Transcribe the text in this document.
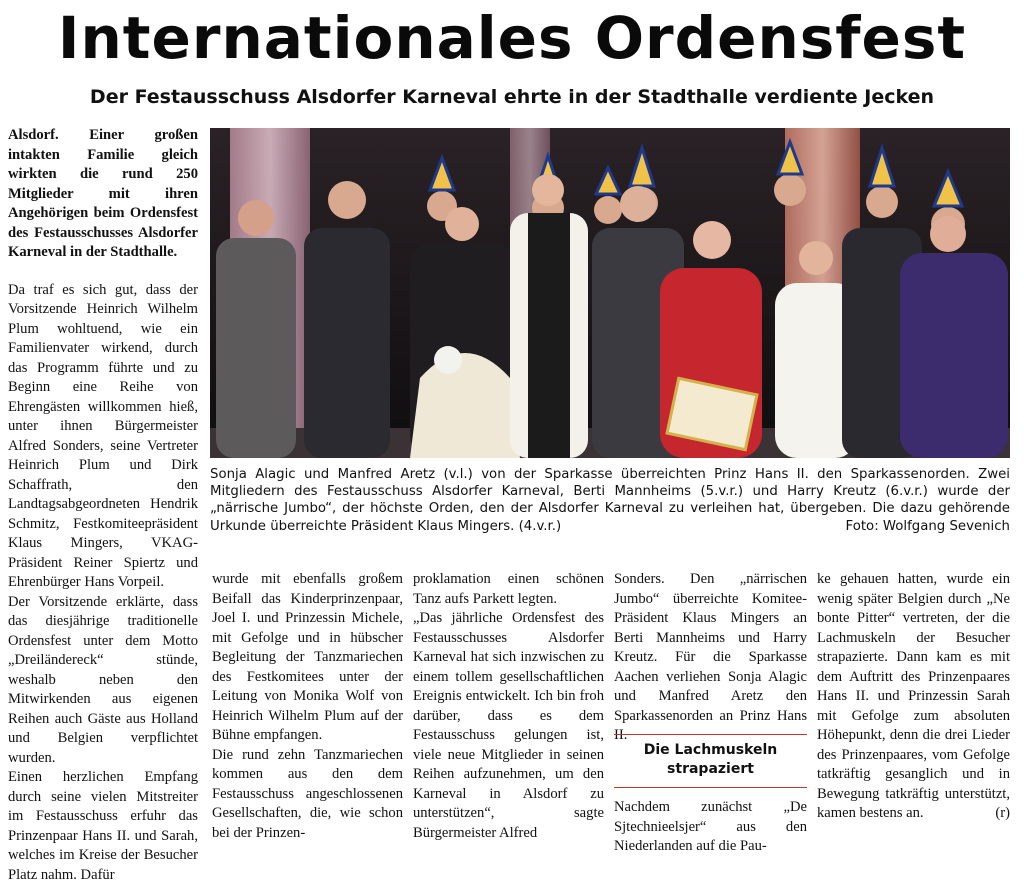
Internationales Ordensfest
Der Festausschuss Alsdorfer Karneval ehrte in der Stadthalle verdiente Jecken

Alsdorf. Einer großen intakten Familie gleich wirkten die rund 250 Mitglieder mit ihren Angehörigen beim Ordensfest des Festausschusses Alsdorfer Karneval in der Stadthalle.

Da traf es sich gut, dass der Vorsitzende Heinrich Wilhelm Plum wohltuend, wie ein Familienvater wirkend, durch das Programm führte und zu Beginn eine Reihe von Ehrengästen willkommen hieß, unter ihnen Bürgermeister Alfred Sonders, seine Vertreter Heinrich Plum und Dirk Schaffrath, den Landtagsabgeordneten Hendrik Schmitz, Festkomiteepräsident Klaus Mingers, VKAG-Präsident Reiner Spiertz und Ehrenbürger Hans Vorpeil.

Der Vorsitzende erklärte, dass das diesjährige traditionelle Ordensfest unter dem Motto „Dreiländereck“ stünde, weshalb neben den Mitwirkenden aus eigenen Reihen auch Gäste aus Holland und Belgien verpflichtet wurden.

Einen herzlichen Empfang durch seine vielen Mitstreiter im Festausschuss erfuhr das Prinzenpaar Hans II. und Sarah, welches im Kreise der Besucher Platz nahm. Dafür

Sonja Alagic und Manfred Aretz (v.l.) von der Sparkasse überreichten Prinz Hans II. den Sparkassenorden. Zwei Mitgliedern des Festausschuss Alsdorfer Karneval, Berti Mannheims (5.v.r.) und Harry Kreutz (6.v.r.) wurde der „närrische Jumbo“, der höchste Orden, den der Alsdorfer Karneval zu verleihen hat, übergeben. Die dazu gehörende Urkunde überreichte Präsident Klaus Mingers. (4.v.r.)	Foto: Wolfgang Sevenich

wurde mit ebenfalls großem Beifall das Kinderprinzenpaar, Joel I. und Prinzessin Michele, mit Gefolge und in hübscher Begleitung der Tanzmariechen des Festkomitees unter der Leitung von Monika Wolf von Heinrich Wilhelm Plum auf der Bühne empfangen.

Die rund zehn Tanzmariechen kommen aus den dem Festausschuss angeschlossenen Gesellschaften, die, wie schon bei der Prinzen-

proklamation einen schönen Tanz aufs Parkett legten.

„Das jährliche Ordensfest des Festausschusses Alsdorfer Karneval hat sich inzwischen zu einem tollem gesellschaftlichen Ereignis entwickelt. Ich bin froh darüber, dass es dem Festausschuss gelungen ist, viele neue Mitglieder in seinen Reihen aufzunehmen, um den Karneval in Alsdorf zu unterstützen“, sagte Bürgermeister Alfred

Sonders. Den „närrischen Jumbo“ überreichte Komitee-Präsident Klaus Mingers an Berti Mannheims und Harry Kreutz. Für die Sparkasse Aachen verliehen Sonja Alagic und Manfred Aretz den Sparkassenorden an Prinz Hans II.

Die Lachmuskeln strapaziert

Nachdem zunächst „De Sjtechnieelsjer“ aus den Niederlanden auf die Pau-

ke gehauen hatten, wurde ein wenig später Belgien durch „Ne bonte Pitter“ vertreten, der die Lachmuskeln der Besucher strapazierte. Dann kam es mit dem Auftritt des Prinzenpaares Hans II. und Prinzessin Sarah mit Gefolge zum absoluten Höhepunkt, denn die drei Lieder des Prinzenpaares, vom Gefolge tatkräftig gesanglich und in Bewegung tatkräftig unterstützt, kamen bestens an.	(r)
